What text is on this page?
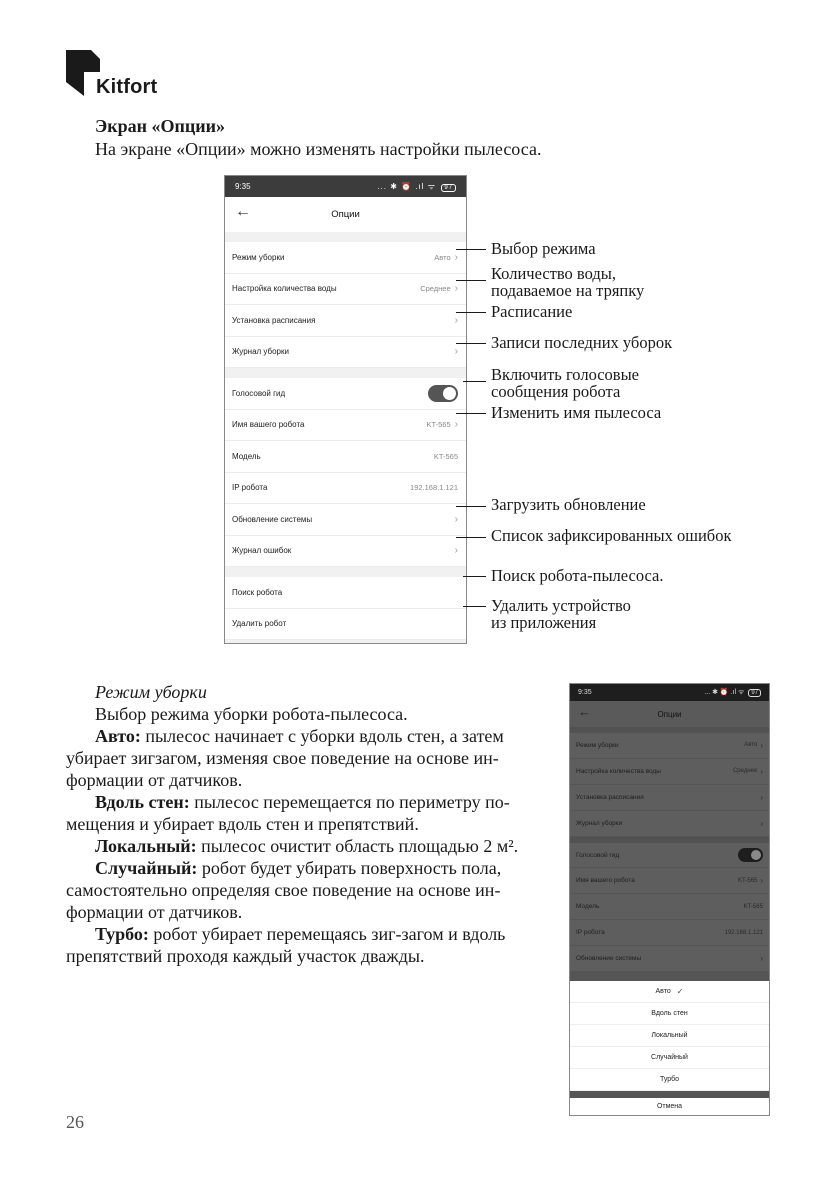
Kitfort
Экран «Опции»
На экране «Опции» можно изменять настройки пылесоса.
9:35	... ✱ ⏰ .ıl ᯤ 97
←	Опции
Режим уборки	Авто ›
Настройка количества воды	Среднее ›
Установка расписания	›
Журнал уборки	›
Голосовой гид
Имя вашего робота	KT-565 ›
Модель	KT-565
IP робота	192.168.1.121
Обновление системы	›
Журнал ошибок	›
Поиск робота
Удалить робот
Выбор режима
Количество воды,
подаваемое на тряпку
Расписание
Записи последних уборок
Включить голосовые
сообщения робота
Изменить имя пылесоса
Загрузить обновление
Список зафиксированных ошибок
Поиск робота-пылесоса.
Удалить устройство
из приложения
Режим уборки
Выбор режима уборки робота-пылесоса.
Авто: пылесос начинает с уборки вдоль стен, а затем
убирает зигзагом, изменяя свое поведение на основе ин-
формации от датчиков.
Вдоль стен: пылесос перемещается по периметру по-
мещения и убирает вдоль стен и препятствий.
Локальный: пылесос очистит область площадью 2 м².
Случайный: робот будет убирать поверхность пола,
самостоятельно определяя свое поведение на основе ин-
формации от датчиков.
Турбо: робот убирает перемещаясь зиг-загом и вдоль
препятствий проходя каждый участок дважды.
9:35	... ✱ ⏰ .ıl ᯤ 97
←	Опции
Режим уборки	Авто ›
Настройка количества воды	Среднее ›
Установка расписания	›
Журнал уборки	›
Голосовой гид
Имя вашего робота	KT-565 ›
Модель	KT-565
IP робота	192.168.1.121
Обновление системы	›
Авто ✓
Вдоль стен
Локальный
Случайный
Турбо
Отмена
26
